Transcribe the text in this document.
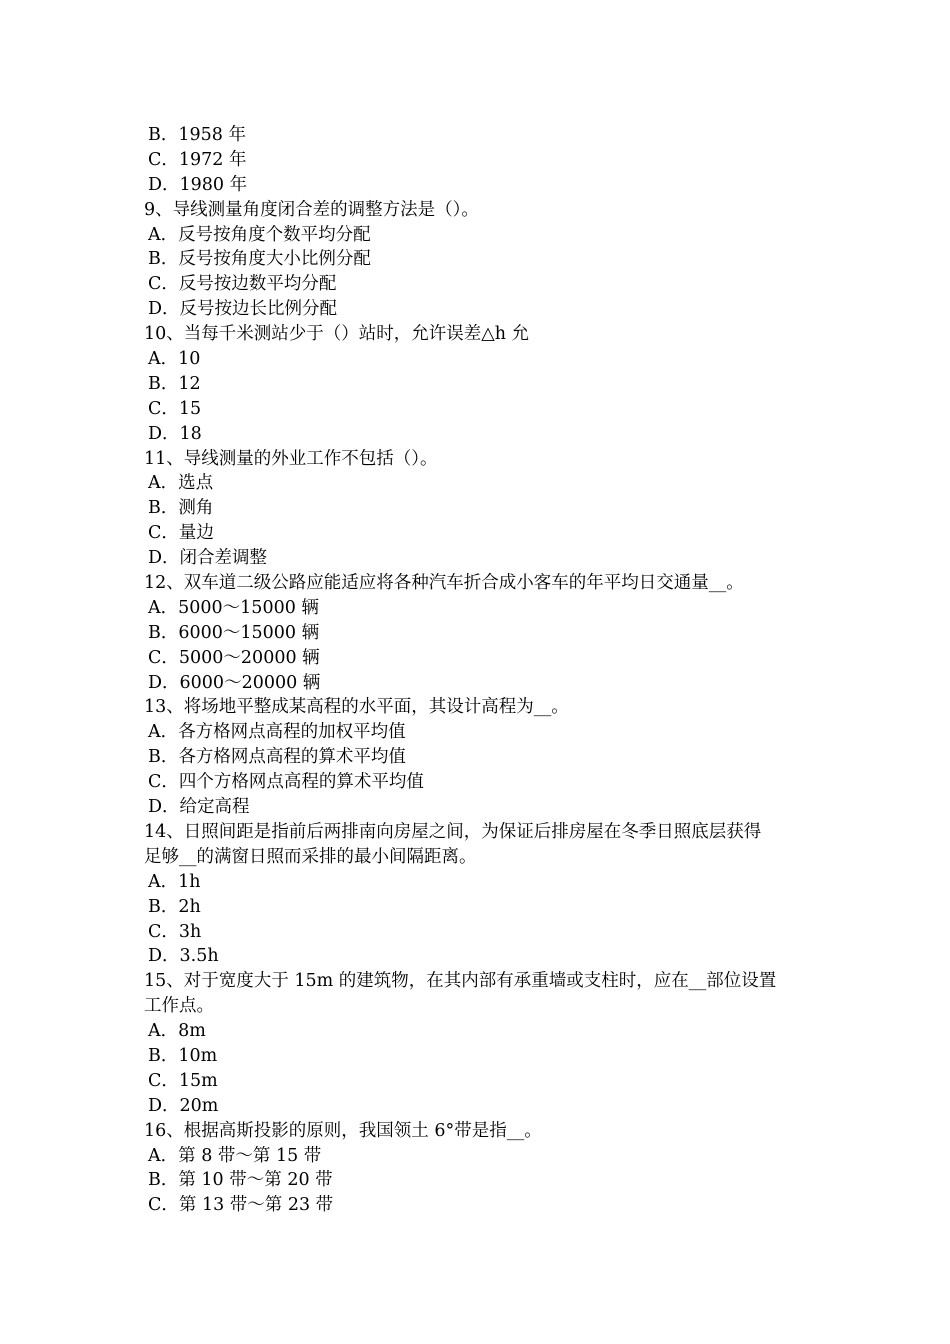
B．1958 年
C．1972 年
D．1980 年
9、导线测量角度闭合差的调整方法是（）。
A．反号按角度个数平均分配
B．反号按角度大小比例分配
C．反号按边数平均分配
D．反号按边长比例分配
10、当每千米测站少于（）站时，允许误差△h 允
A．10
B．12
C．15
D．18
11、导线测量的外业工作不包括（）。
A．选点
B．测角
C．量边
D．闭合差调整
12、双车道二级公路应能适应将各种汽车折合成小客车的年平均日交通量__。
A．5000～15000 辆
B．6000～15000 辆
C．5000～20000 辆
D．6000～20000 辆
13、将场地平整成某高程的水平面，其设计高程为__。
A．各方格网点高程的加权平均值
B．各方格网点高程的算术平均值
C．四个方格网点高程的算术平均值
D．给定高程
14、日照间距是指前后两排南向房屋之间，为保证后排房屋在冬季日照底层获得
足够__的满窗日照而采排的最小间隔距离。
A．1h
B．2h
C．3h
D．3.5h
15、对于宽度大于 15m 的建筑物，在其内部有承重墙或支柱时，应在__部位设置
工作点。
A．8m
B．10m
C．15m
D．20m
16、根据高斯投影的原则，我国领土 6°带是指__。
A．第 8 带～第 15 带
B．第 10 带～第 20 带
C．第 13 带～第 23 带
